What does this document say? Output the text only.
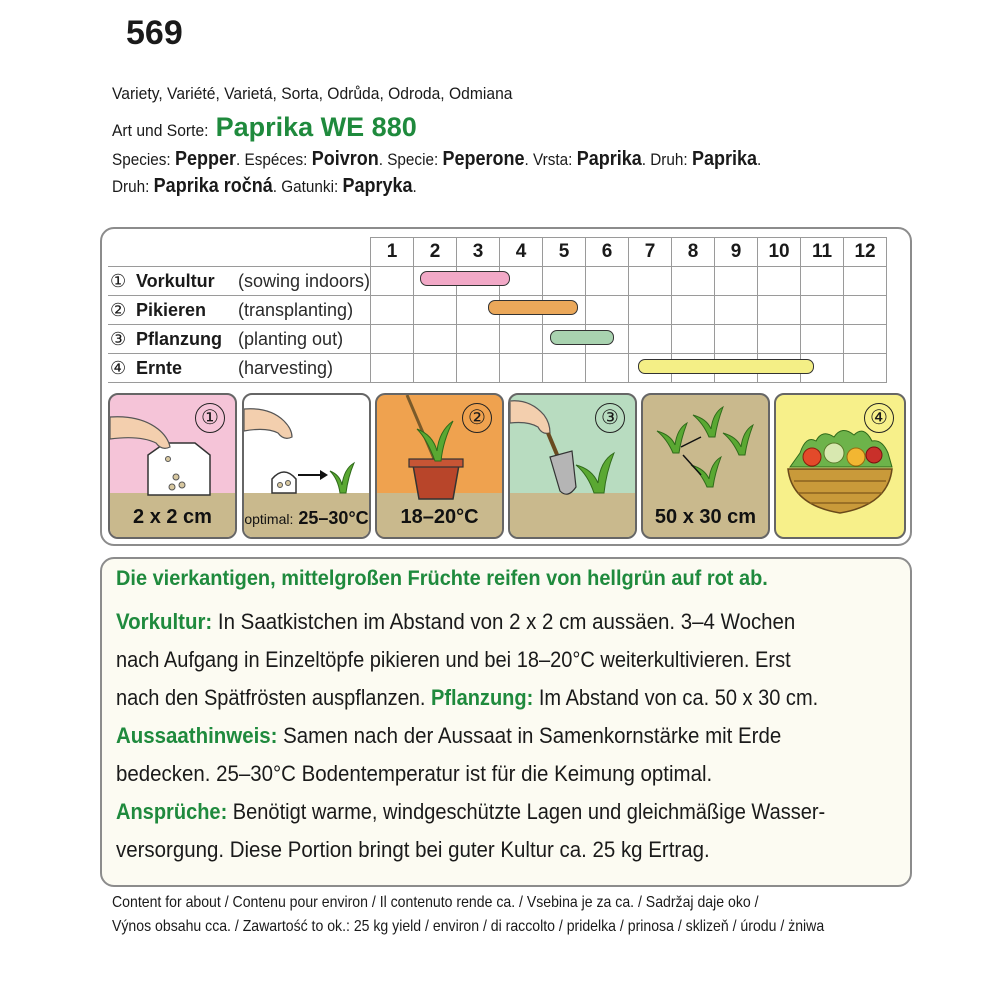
569
Variety, Variété, Varietá, Sorta, Odrůda, Odroda, Odmiana
Art und Sorte: Paprika WE 880
Species: Pepper. Espéces: Poivron. Specie: Peperone. Vrsta: Paprika. Druh: Paprika.
Druh: Paprika ročná. Gatunki: Papryka.
	1	2	3	4	5	6	7	8	9	10	11	12
① Vorkultur (sowing indoors)												
② Pikieren (transplanting)												
③ Pflanzung (planting out)												
④ Ernte (harvesting)												
①
2 x 2 cm	optimal: 25–30°C
②
18–20°C
③
50 x 30 cm
④
Die vierkantigen, mittelgroßen Früchte reifen von hellgrün auf rot ab.
Vorkultur: In Saatkistchen im Abstand von 2 x 2 cm aussäen. 3–4 Wochen
nach Aufgang in Einzeltöpfe pikieren und bei 18–20°C weiterkultivieren. Erst
nach den Spätfrösten auspflanzen. Pflanzung: Im Abstand von ca. 50 x 30 cm.
Aussaathinweis: Samen nach der Aussaat in Samenkornstärke mit Erde
bedecken. 25–30°C Bodentemperatur ist für die Keimung optimal.
Ansprüche: Benötigt warme, windgeschützte Lagen und gleichmäßige Wasser-
versorgung. Diese Portion bringt bei guter Kultur ca. 25 kg Ertrag.
Content for about / Contenu pour environ / Il contenuto rende ca. / Vsebina je za ca. / Sadržaj daje oko /
Výnos obsahu cca. / Zawartość to ok.: 25 kg yield / environ / di raccolto / pridelka / prinosa / sklizeň / úrodu / żniwa
